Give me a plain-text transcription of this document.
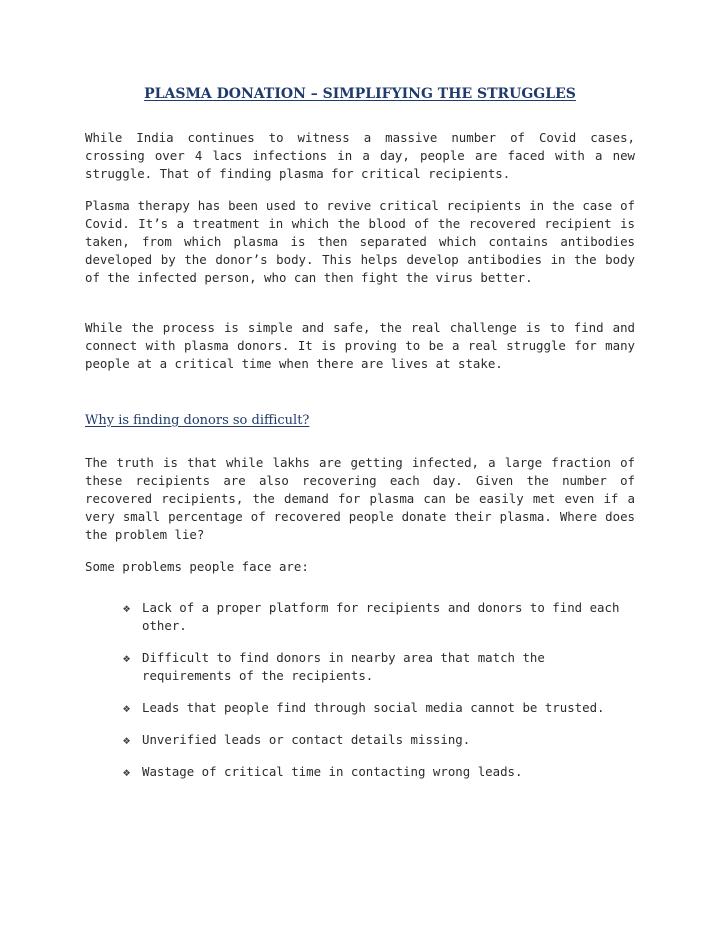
PLASMA DONATION – SIMPLIFYING THE STRUGGLES

While India continues to witness a massive number of Covid cases, crossing over 4 lacs infections in a day, people are faced with a new struggle. That of finding plasma for critical recipients.

Plasma therapy has been used to revive critical recipients in the case of Covid. It’s a treatment in which the blood of the recovered recipient is taken, from which plasma is then separated which contains antibodies developed by the donor’s body. This helps develop antibodies in the body of the infected person, who can then fight the virus better.

While the process is simple and safe, the real challenge is to find and connect with plasma donors. It is proving to be a real struggle for many people at a critical time when there are lives at stake.

Why is finding donors so difficult?

The truth is that while lakhs are getting infected, a large fraction of these recipients are also recovering each day. Given the number of recovered recipients, the demand for plasma can be easily met even if a very small percentage of recovered people donate their plasma. Where does the problem lie?

Some problems people face are:

❖ Lack of a proper platform for recipients and donors to find each other.
❖ Difficult to find donors in nearby area that match the requirements of the recipients.
❖ Leads that people find through social media cannot be trusted.
❖ Unverified leads or contact details missing.
❖ Wastage of critical time in contacting wrong leads.
